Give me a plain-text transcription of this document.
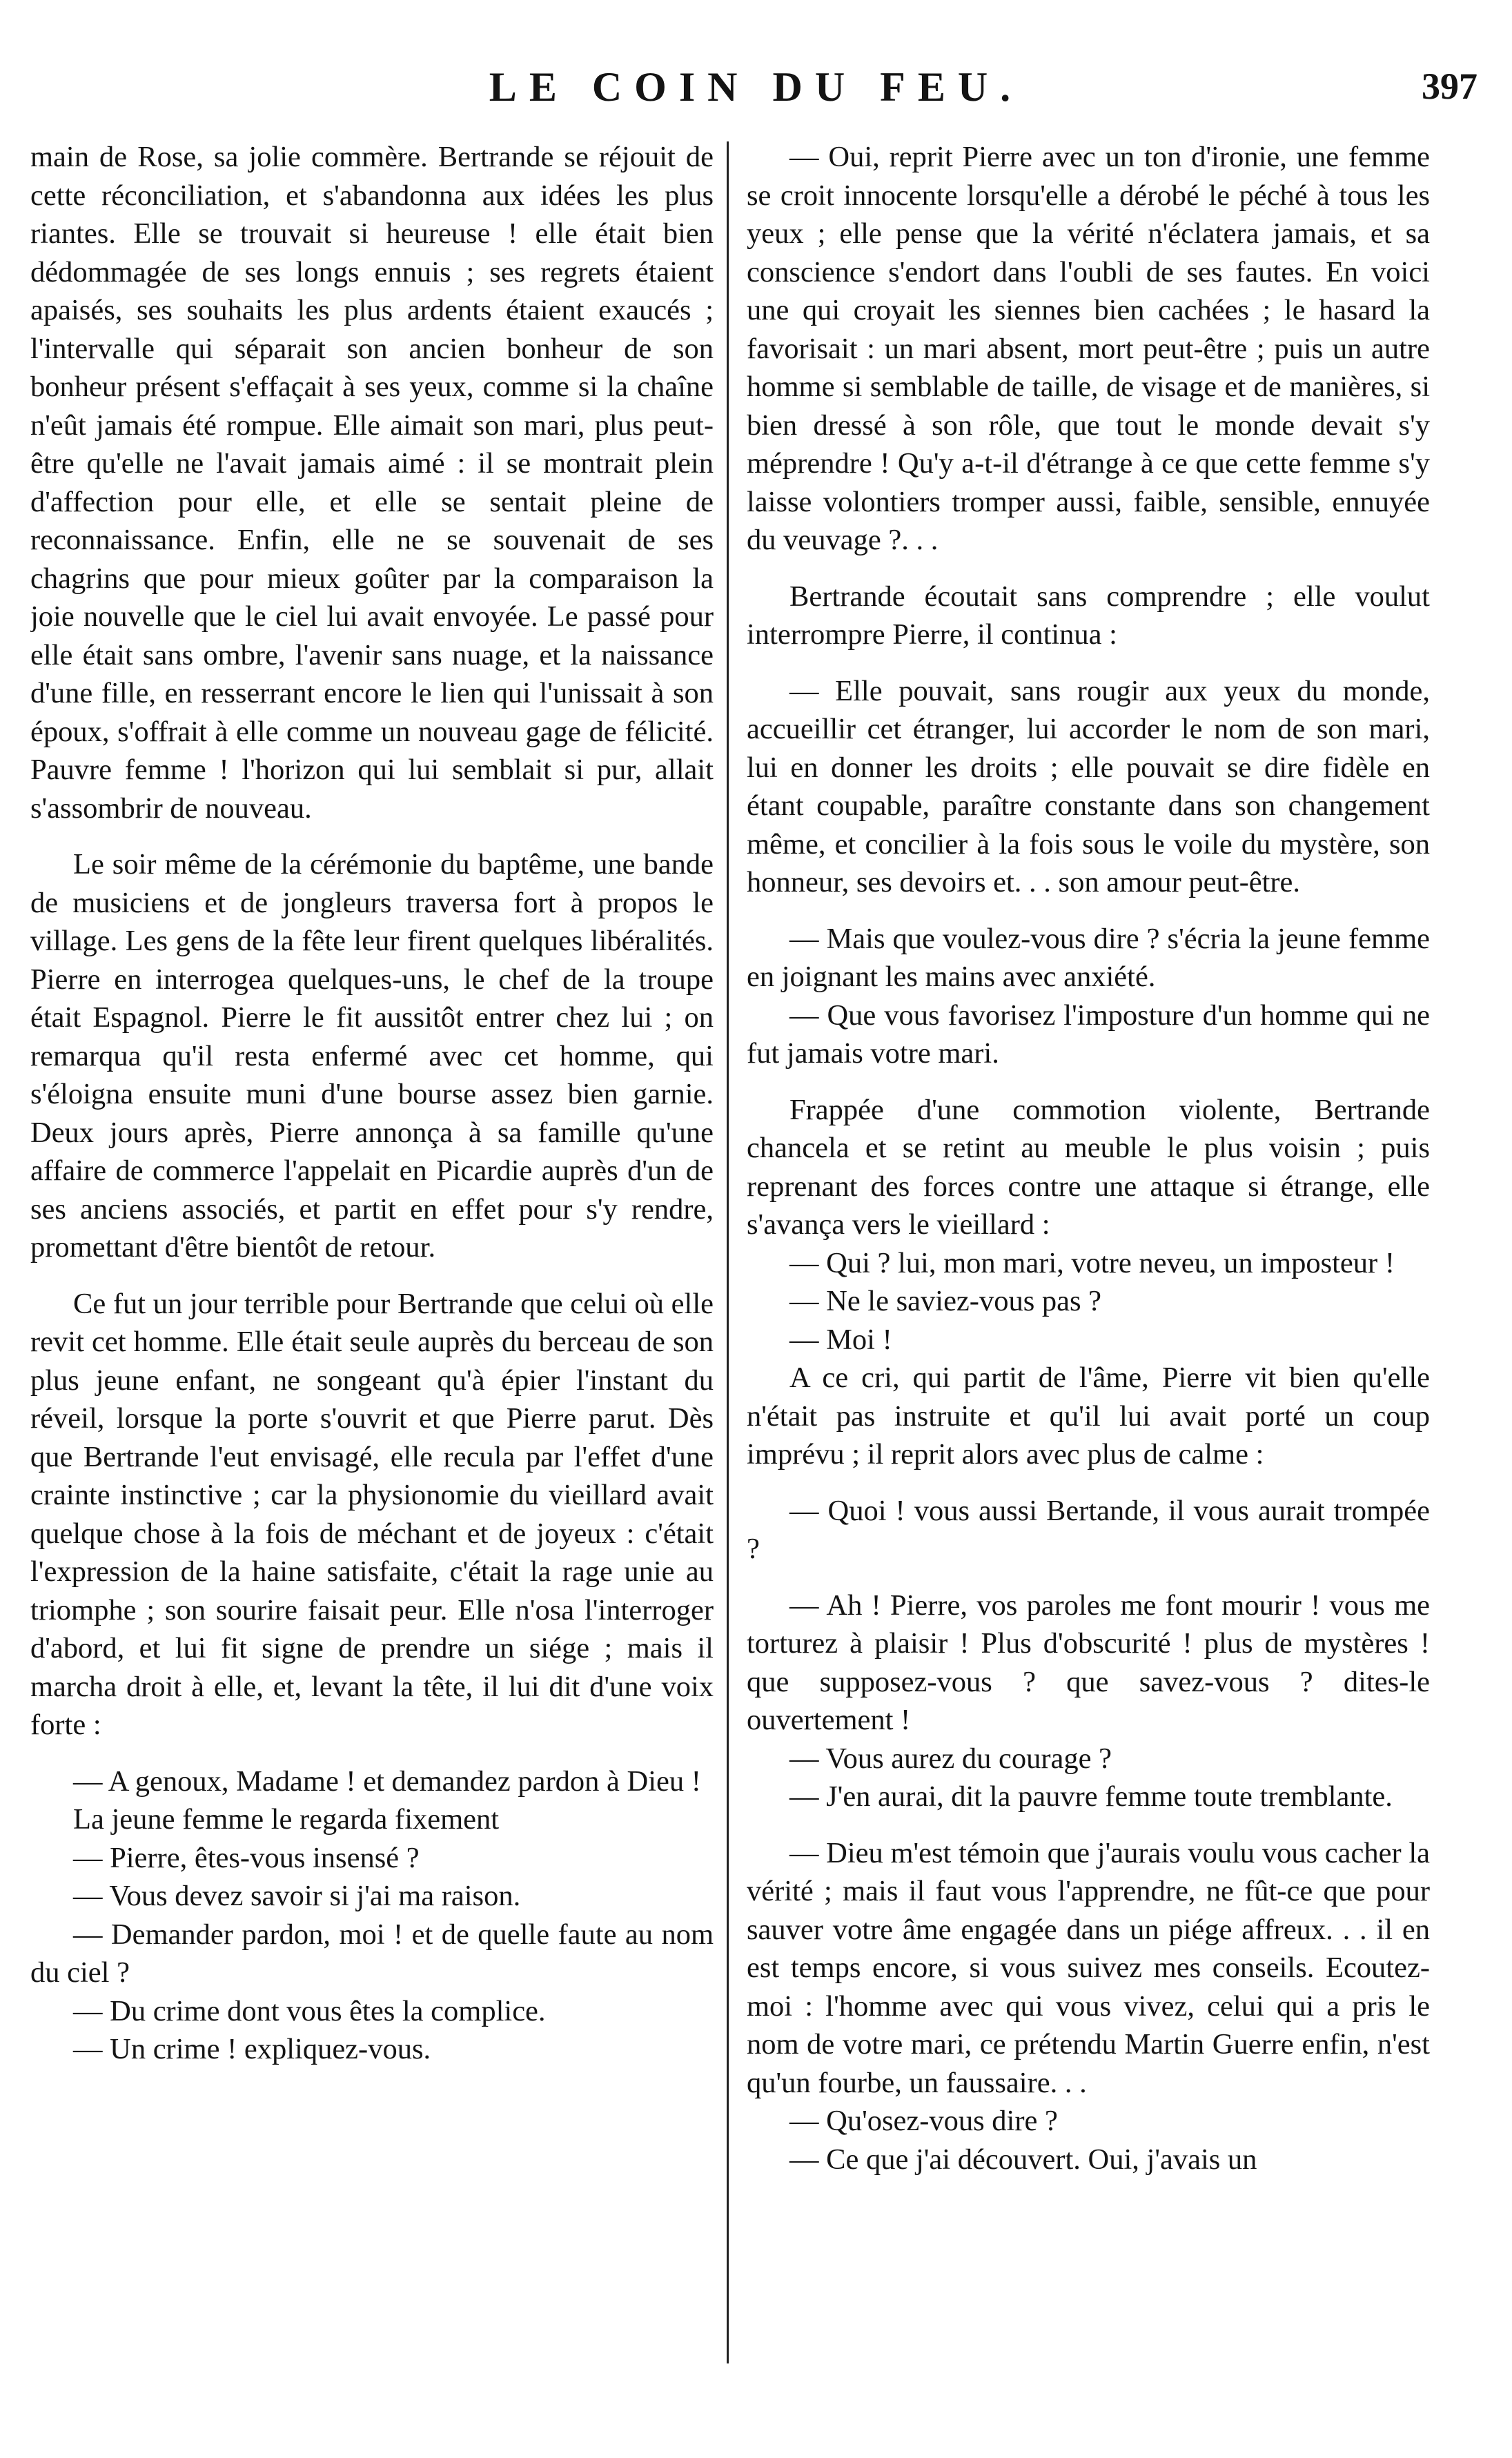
LE COIN DU FEU.	397

main de Rose, sa jolie commère. Bertrande se réjouit de cette réconciliation, et s'abandonna aux idées les plus riantes. Elle se trouvait si heureuse ! elle était bien dédommagée de ses longs ennuis ; ses regrets étaient apaisés, ses souhaits les plus ardents étaient exaucés ; l'intervalle qui séparait son ancien bonheur de son bonheur présent s'effaçait à ses yeux, comme si la chaîne n'eût jamais été rompue. Elle aimait son mari, plus peut-être qu'elle ne l'avait jamais aimé : il se montrait plein d'affection pour elle, et elle se sentait pleine de reconnaissance. Enfin, elle ne se souvenait de ses chagrins que pour mieux goûter par la comparaison la joie nouvelle que le ciel lui avait envoyée. Le passé pour elle était sans ombre, l'avenir sans nuage, et la naissance d'une fille, en resserrant encore le lien qui l'unissait à son époux, s'offrait à elle comme un nouveau gage de félicité. Pauvre femme ! l'horizon qui lui semblait si pur, allait s'assombrir de nouveau.

Le soir même de la cérémonie du baptême, une bande de musiciens et de jongleurs traversa fort à propos le village. Les gens de la fête leur firent quelques libéralités. Pierre en interrogea quelques-uns, le chef de la troupe était Espagnol. Pierre le fit aussitôt entrer chez lui ; on remarqua qu'il resta enfermé avec cet homme, qui s'éloigna ensuite muni d'une bourse assez bien garnie. Deux jours après, Pierre annonça à sa famille qu'une affaire de commerce l'appelait en Picardie auprès d'un de ses anciens associés, et partit en effet pour s'y rendre, promettant d'être bientôt de retour.

Ce fut un jour terrible pour Bertrande que celui où elle revit cet homme. Elle était seule auprès du berceau de son plus jeune enfant, ne songeant qu'à épier l'instant du réveil, lorsque la porte s'ouvrit et que Pierre parut. Dès que Bertrande l'eut envisagé, elle recula par l'effet d'une crainte instinctive ; car la physionomie du vieillard avait quelque chose à la fois de méchant et de joyeux : c'était l'expression de la haine satisfaite, c'était la rage unie au triomphe ; son sourire faisait peur. Elle n'osa l'interroger d'abord, et lui fit signe de prendre un siége ; mais il marcha droit à elle, et, levant la tête, il lui dit d'une voix forte :

— A genoux, Madame ! et demandez pardon à Dieu !

La jeune femme le regarda fixement

— Pierre, êtes-vous insensé ?

— Vous devez savoir si j'ai ma raison.

— Demander pardon, moi ! et de quelle faute au nom du ciel ?

— Du crime dont vous êtes la complice.

— Un crime ! expliquez-vous.

— Oui, reprit Pierre avec un ton d'ironie, une femme se croit innocente lorsqu'elle a dérobé le péché à tous les yeux ; elle pense que la vérité n'éclatera jamais, et sa conscience s'endort dans l'oubli de ses fautes. En voici une qui croyait les siennes bien cachées ; le hasard la favorisait : un mari absent, mort peut-être ; puis un autre homme si semblable de taille, de visage et de manières, si bien dressé à son rôle, que tout le monde devait s'y méprendre ! Qu'y a-t-il d'étrange à ce que cette femme s'y laisse volontiers tromper aussi, faible, sensible, ennuyée du veuvage ?. . .

Bertrande écoutait sans comprendre ; elle voulut interrompre Pierre, il continua :

— Elle pouvait, sans rougir aux yeux du monde, accueillir cet étranger, lui accorder le nom de son mari, lui en donner les droits ; elle pouvait se dire fidèle en étant coupable, paraître constante dans son changement même, et concilier à la fois sous le voile du mystère, son honneur, ses devoirs et. . . son amour peut-être.

— Mais que voulez-vous dire ? s'écria la jeune femme en joignant les mains avec anxiété.

— Que vous favorisez l'imposture d'un homme qui ne fut jamais votre mari.

Frappée d'une commotion violente, Bertrande chancela et se retint au meuble le plus voisin ; puis reprenant des forces contre une attaque si étrange, elle s'avança vers le vieillard :

— Qui ? lui, mon mari, votre neveu, un imposteur !

— Ne le saviez-vous pas ?

— Moi !

A ce cri, qui partit de l'âme, Pierre vit bien qu'elle n'était pas instruite et qu'il lui avait porté un coup imprévu ; il reprit alors avec plus de calme :

— Quoi ! vous aussi Bertande, il vous aurait trompée ?

— Ah ! Pierre, vos paroles me font mourir ! vous me torturez à plaisir ! Plus d'obscurité ! plus de mystères ! que supposez-vous ? que savez-vous ? dites-le ouvertement !

— Vous aurez du courage ?

— J'en aurai, dit la pauvre femme toute tremblante.

— Dieu m'est témoin que j'aurais voulu vous cacher la vérité ; mais il faut vous l'apprendre, ne fût-ce que pour sauver votre âme engagée dans un piége affreux. . . il en est temps encore, si vous suivez mes conseils. Ecoutez-moi : l'homme avec qui vous vivez, celui qui a pris le nom de votre mari, ce prétendu Martin Guerre enfin, n'est qu'un fourbe, un faussaire. . .

— Qu'osez-vous dire ?

— Ce que j'ai découvert. Oui, j'avais un
